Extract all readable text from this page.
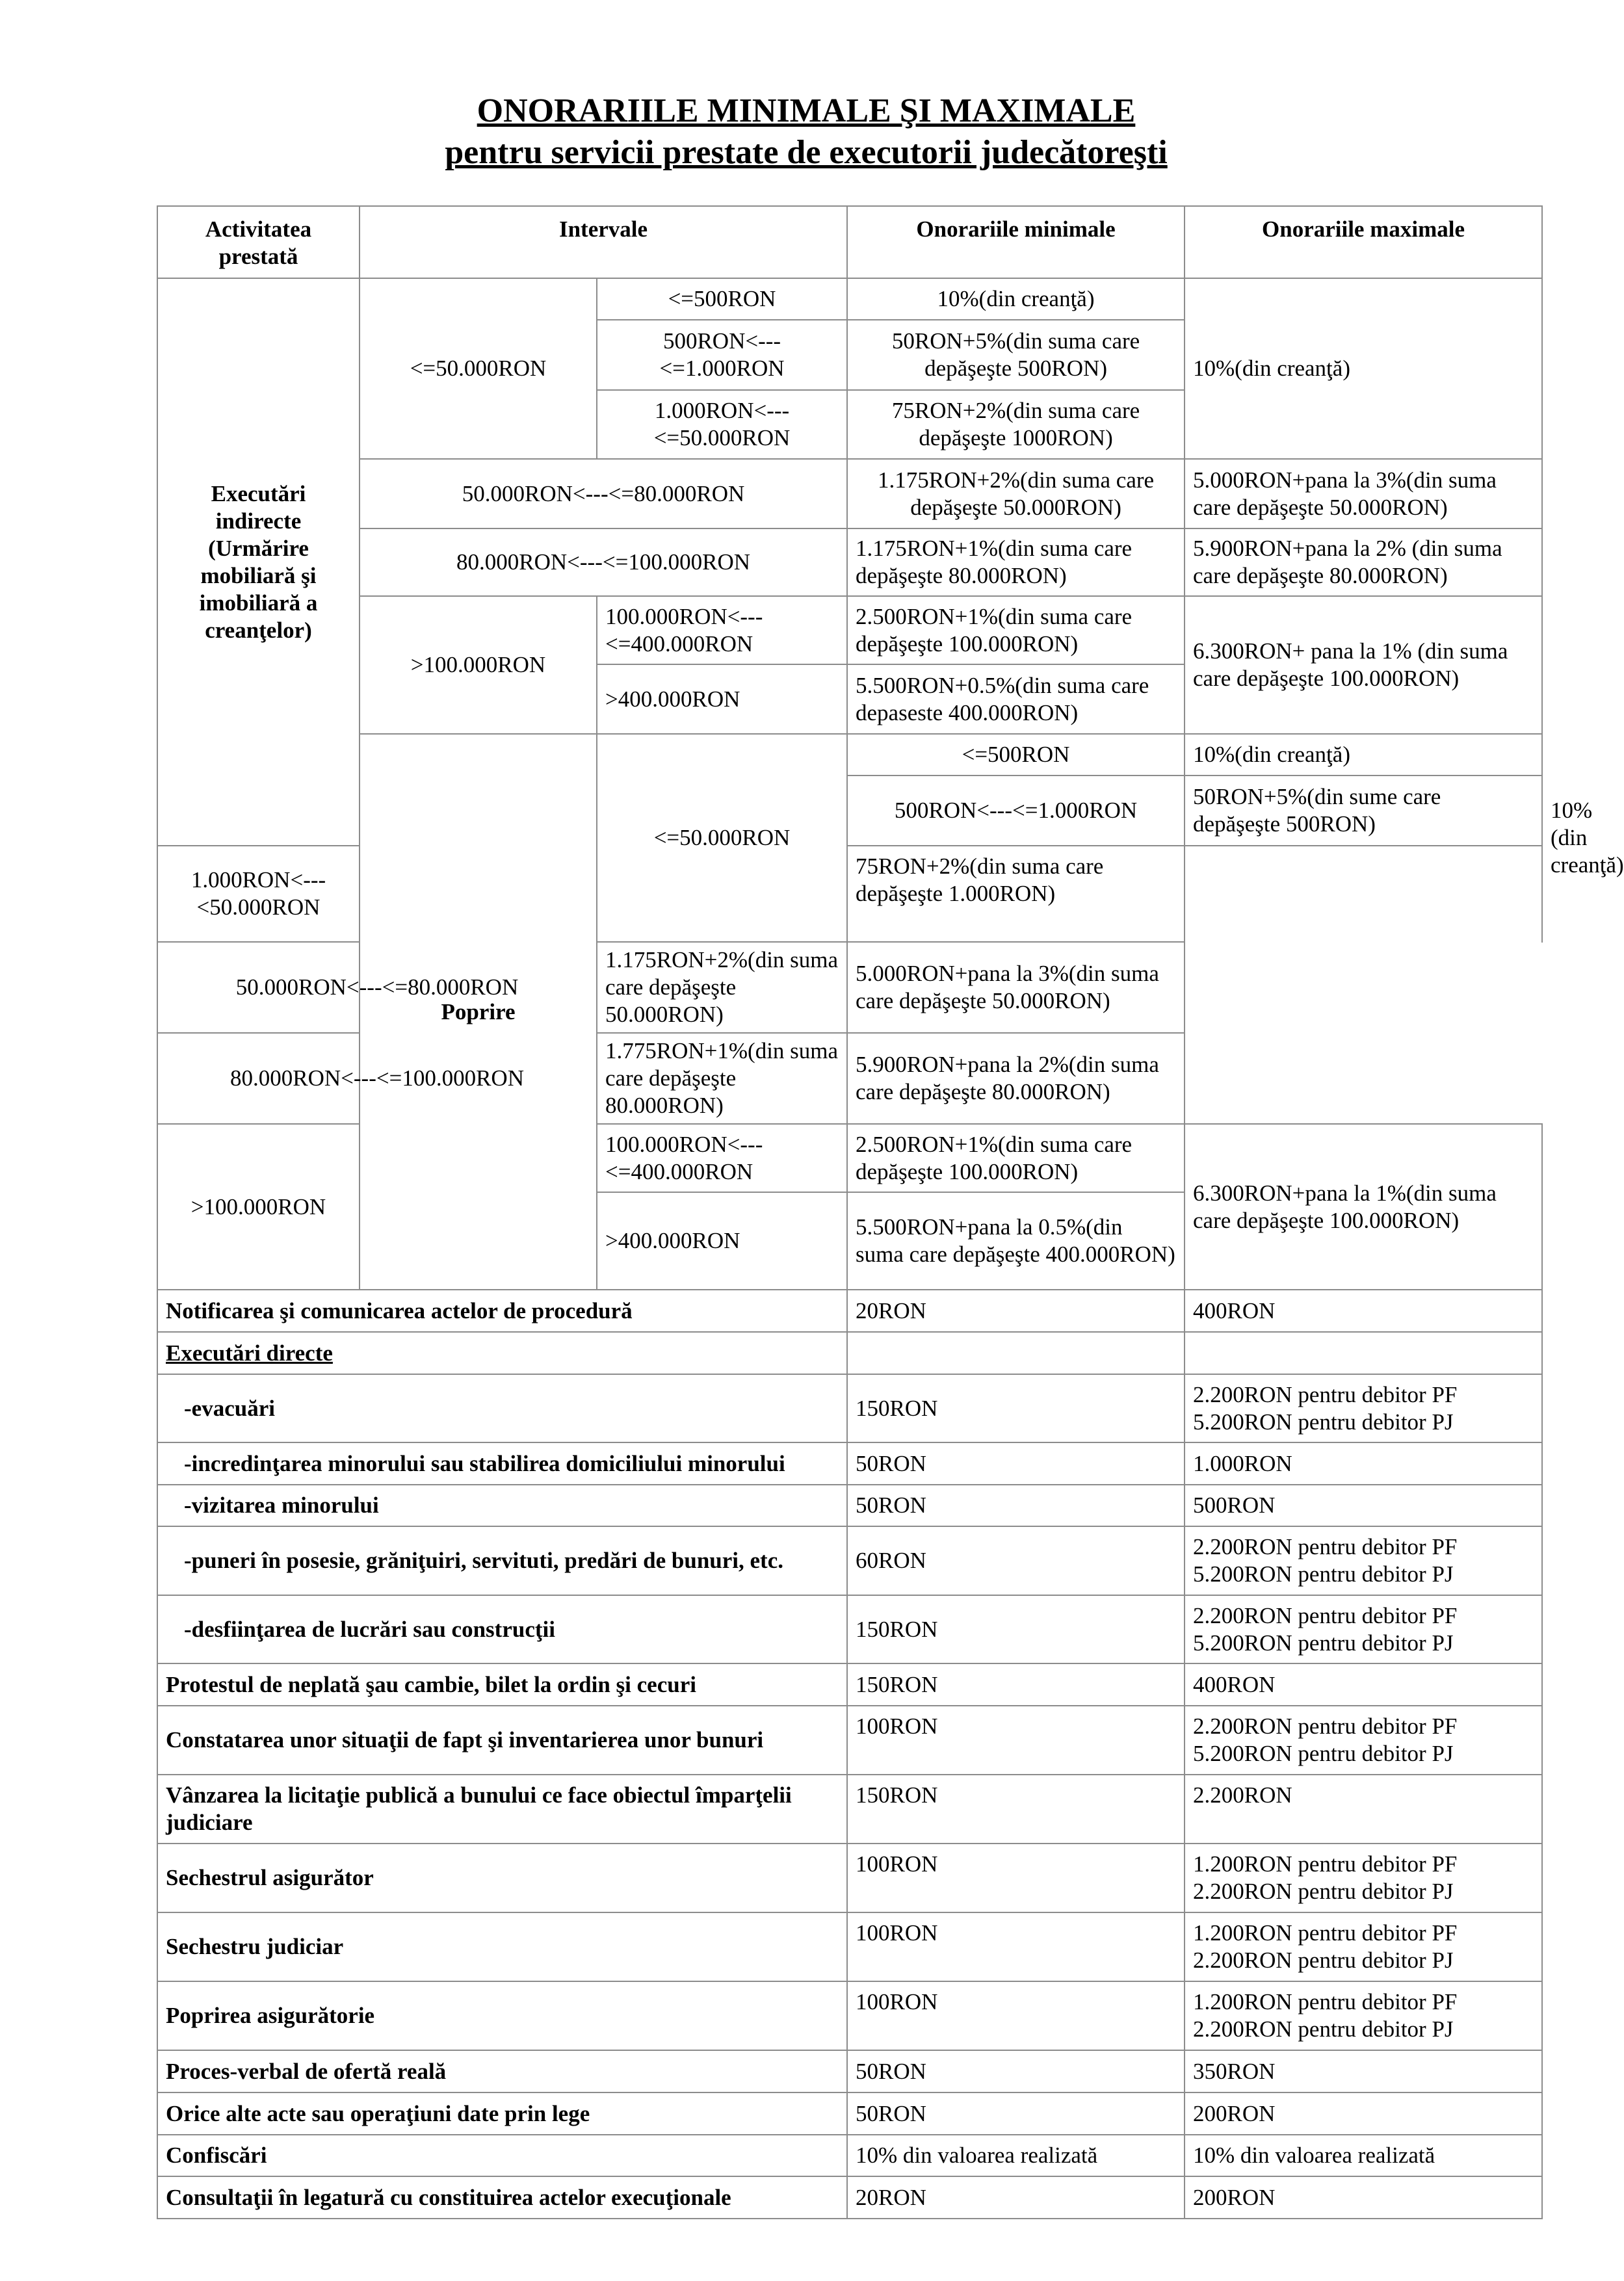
ONORARIILE MINIMALE ŞI MAXIMALE
pentru servicii prestate de executorii judecătoreşti
Activitatea prestată	Intervale		Onorariile minimale	Onorariile maximale	
Executări indirecte (Urmărire mobiliară şi imobiliară a creanţelor)	<=50.000RON	<=500RON	10%(din creanţă)	10%(din creanţă)	
		500RON<---<=1.000RON	50RON+5%(din suma care depăşeşte 500RON)		
		1.000RON<---<=50.000RON	75RON+2%(din suma care depăşeşte 1000RON)		
	50.000RON<---<=80.000RON		1.175RON+2%(din suma care depăşeşte 50.000RON)	5.000RON+pana la 3%(din suma care depăşeşte 50.000RON)	
	80.000RON<---<=100.000RON		1.175RON+1%(din suma care depăşeşte 80.000RON)	5.900RON+pana la 2% (din suma care depăşeşte 80.000RON)	
	>100.000RON	100.000RON<---<=400.000RON	2.500RON+1%(din suma care depăşeşte 100.000RON)	6.300RON+ pana la 1% (din suma care depăşeşte 100.000RON)	
		>400.000RON	5.500RON+0.5%(din suma care depaseste 400.000RON)		
	Poprire	<=50.000RON	<=500RON	10%(din creanţă)	10%(din creanţă)
			500RON<---<=1.000RON	50RON+5%(din sume care depăşeşte 500RON)	
1.000RON<---<50.000RON			75RON+2%(din suma care depăşeşte 1.000RON)		
50.000RON<---<=80.000RON		1.175RON+2%(din suma care depăşeşte 50.000RON)	5.000RON+pana la 3%(din suma care depăşeşte 50.000RON)		
80.000RON<---<=100.000RON		1.775RON+1%(din suma care depăşeşte 80.000RON)	5.900RON+pana la 2%(din suma care depăşeşte 80.000RON)		
>100.000RON		100.000RON<---<=400.000RON	2.500RON+1%(din suma care depăşeşte 100.000RON)	6.300RON+pana la 1%(din suma care depăşeşte 100.000RON)	
		>400.000RON	5.500RON+pana la 0.5%(din suma care depăşeşte 400.000RON)		
Notificarea şi comunicarea actelor de procedură			20RON	400RON	
Executări directe					
-evacuări			150RON	2.200RON pentru debitor PF
5.200RON pentru debitor PJ	
-incredinţarea minorului sau stabilirea domiciliului minorului			50RON	1.000RON	
-vizitarea minorului			50RON	500RON	
-puneri în posesie, grăniţuiri, servituti, predări de bunuri, etc.			60RON	2.200RON pentru debitor PF
5.200RON pentru debitor PJ	
-desfiinţarea de lucrări sau construcţii			150RON	2.200RON pentru debitor PF
5.200RON pentru debitor PJ	
Protestul de neplată şau cambie, bilet la ordin şi cecuri			150RON	400RON	
Constatarea unor situaţii de fapt şi inventarierea unor bunuri			100RON	2.200RON pentru debitor PF
5.200RON pentru debitor PJ	
Vânzarea la licitaţie publică a bunului ce face obiectul împarţelii judiciare			150RON	2.200RON	
Sechestrul asigurător			100RON	1.200RON pentru debitor PF
2.200RON pentru debitor PJ	
Sechestru judiciar			100RON	1.200RON pentru debitor PF
2.200RON pentru debitor PJ	
Poprirea asigurătorie			100RON	1.200RON pentru debitor PF
2.200RON pentru debitor PJ	
Proces-verbal de ofertă reală			50RON	350RON	
Orice alte acte sau operaţiuni date prin lege			50RON	200RON	
Confiscări			10% din valoarea realizată	10% din valoarea realizată	
Consultaţii în legatură cu constituirea actelor execuţionale			20RON	200RON	
